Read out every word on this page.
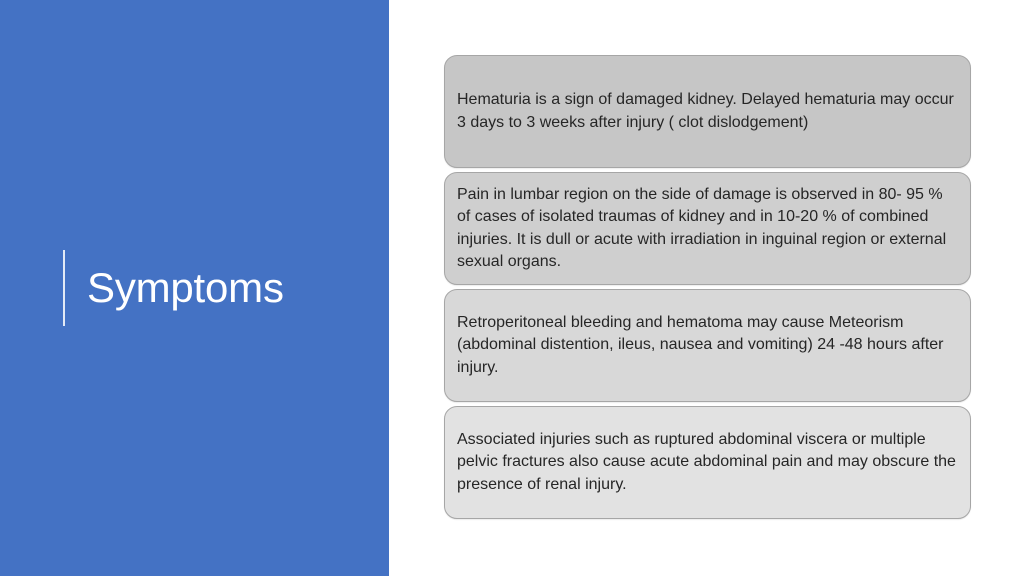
Symptoms

Hematuria is a sign of damaged kidney. Delayed hematuria may occur 3 days to 3 weeks after injury ( clot dislodgement)

Pain in lumbar region on the side of damage is observed in 80- 95 % of cases of isolated traumas of kidney and in 10-20 % of combined injuries. It is dull or acute with irradiation in inguinal region or external sexual organs.

Retroperitoneal bleeding and hematoma may cause Meteorism (abdominal distention, ileus, nausea and vomiting) 24 -48 hours after injury.

Associated injuries such as ruptured abdominal viscera or multiple pelvic fractures also cause acute abdominal pain and may obscure the presence of renal injury.
